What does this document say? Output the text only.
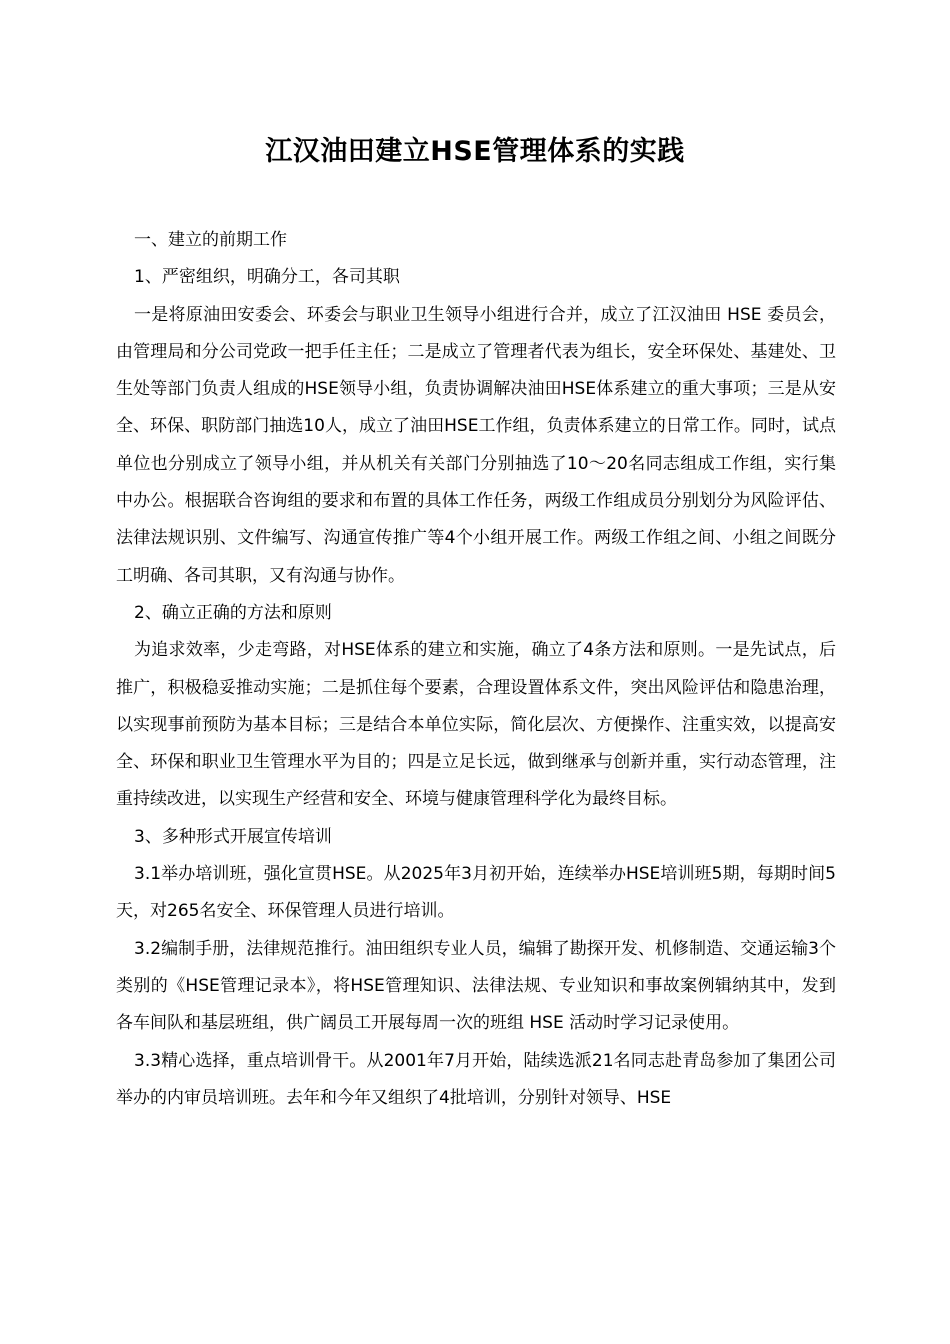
江汉油田建立HSE管理体系的实践

一、建立的前期工作

1、严密组织，明确分工，各司其职

一是将原油田安委会、环委会与职业卫生领导小组进行合并，成立了江汉油田 HSE 委员会，由管理局和分公司党政一把手任主任；二是成立了管理者代表为组长，安全环保处、基建处、卫生处等部门负责人组成的HSE领导小组，负责协调解决油田HSE体系建立的重大事项；三是从安全、环保、职防部门抽选10人，成立了油田HSE工作组，负责体系建立的日常工作。同时，试点单位也分别成立了领导小组，并从机关有关部门分别抽选了10～20名同志组成工作组，实行集中办公。根据联合咨询组的要求和布置的具体工作任务，两级工作组成员分别划分为风险评估、法律法规识别、文件编写、沟通宣传推广等4个小组开展工作。两级工作组之间、小组之间既分工明确、各司其职，又有沟通与协作。

2、确立正确的方法和原则

为追求效率，少走弯路，对HSE体系的建立和实施，确立了4条方法和原则。一是先试点，后推广，积极稳妥推动实施；二是抓住每个要素，合理设置体系文件，突出风险评估和隐患治理，以实现事前预防为基本目标；三是结合本单位实际，简化层次、方便操作、注重实效，以提高安全、环保和职业卫生管理水平为目的；四是立足长远，做到继承与创新并重，实行动态管理，注重持续改进，以实现生产经营和安全、环境与健康管理科学化为最终目标。

3、多种形式开展宣传培训

3.1举办培训班，强化宣贯HSE。从2025年3月初开始，连续举办HSE培训班5期，每期时间5天，对265名安全、环保管理人员进行培训。

3.2编制手册，法律规范推行。油田组织专业人员，编辑了勘探开发、机修制造、交通运输3个类别的《HSE管理记录本》，将HSE管理知识、法律法规、专业知识和事故案例辑纳其中，发到各车间队和基层班组，供广阔员工开展每周一次的班组 HSE 活动时学习记录使用。

3.3精心选择，重点培训骨干。从2001年7月开始，陆续选派21名同志赴青岛参加了集团公司举办的内审员培训班。去年和今年又组织了4批培训，分别针对领导、HSE
